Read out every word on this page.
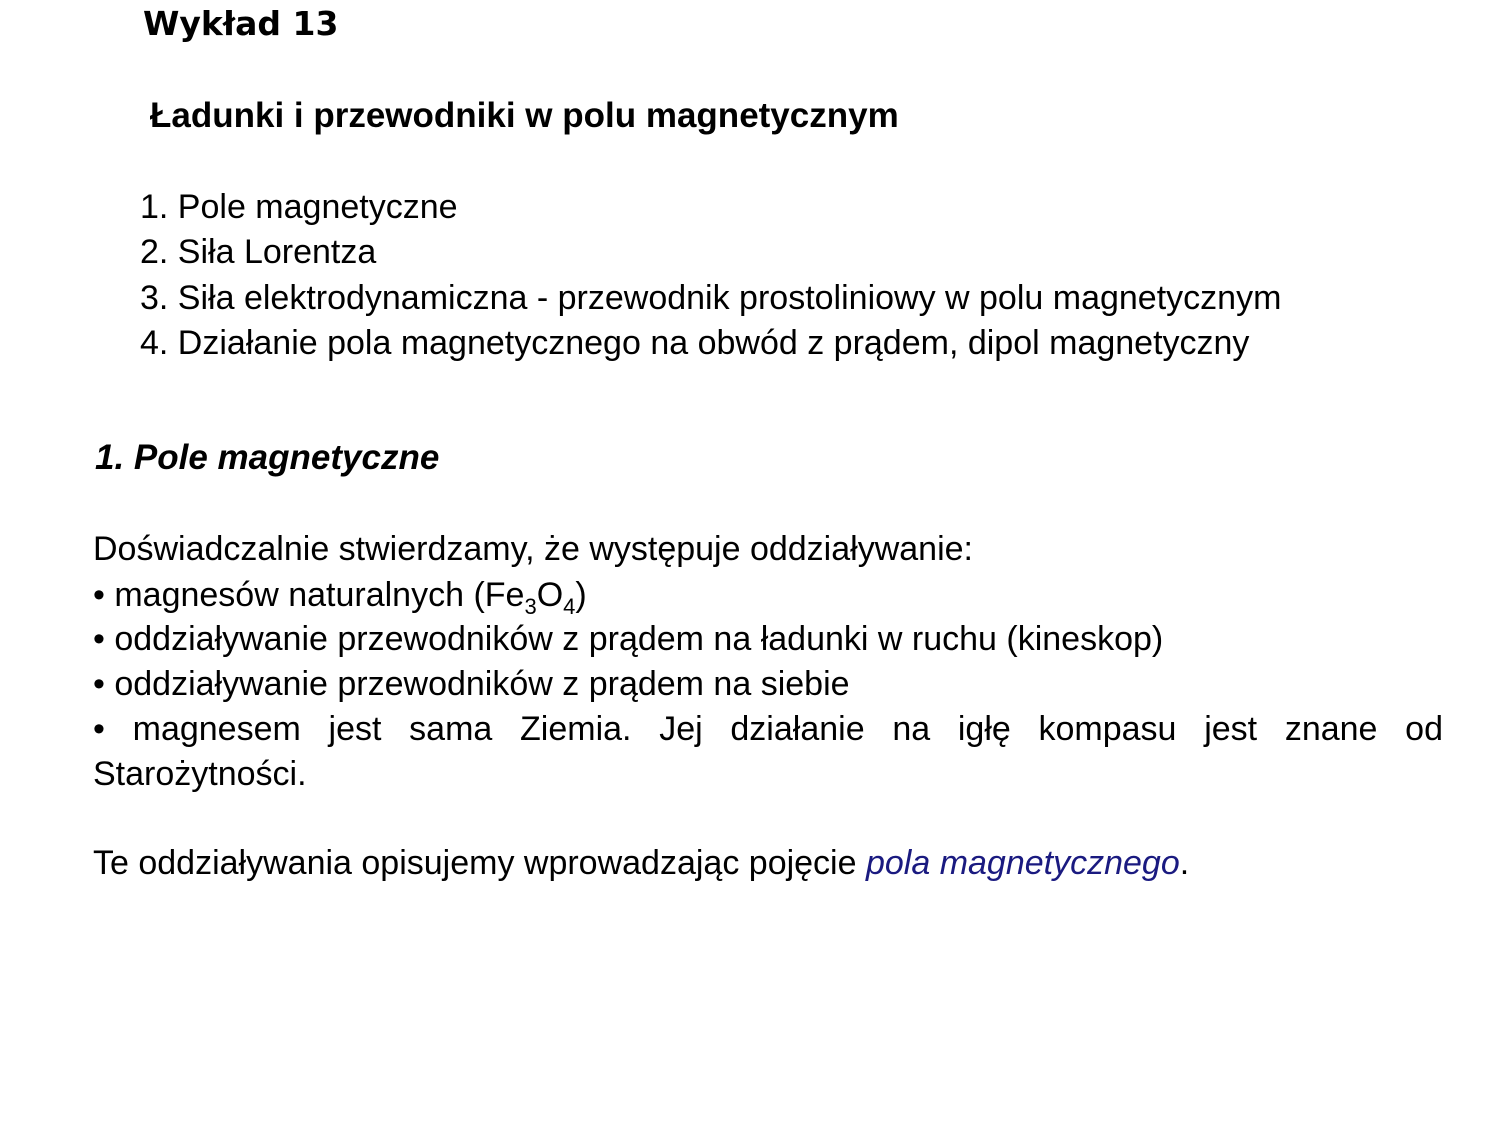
Wykład 13
Ładunki i przewodniki w polu magnetycznym
1. Pole magnetyczne
2. Siła Lorentza
3. Siła elektrodynamiczna - przewodnik prostoliniowy w polu magnetycznym
4. Działanie pola magnetycznego na obwód z prądem, dipol magnetyczny
1. Pole magnetyczne
Doświadczalnie stwierdzamy, że występuje oddziaływanie:
• magnesów naturalnych $(Fe_3O_4)$
• oddziaływanie przewodników z prądem na ładunki w ruchu (kineskop)
• oddziaływanie przewodników z prądem na siebie
• magnesem jest sama Ziemia. Jej działanie na igłę kompasu jest znane od
Starożytności.
Te oddziaływania opisujemy wprowadzając pojęcie pola magnetycznego.
